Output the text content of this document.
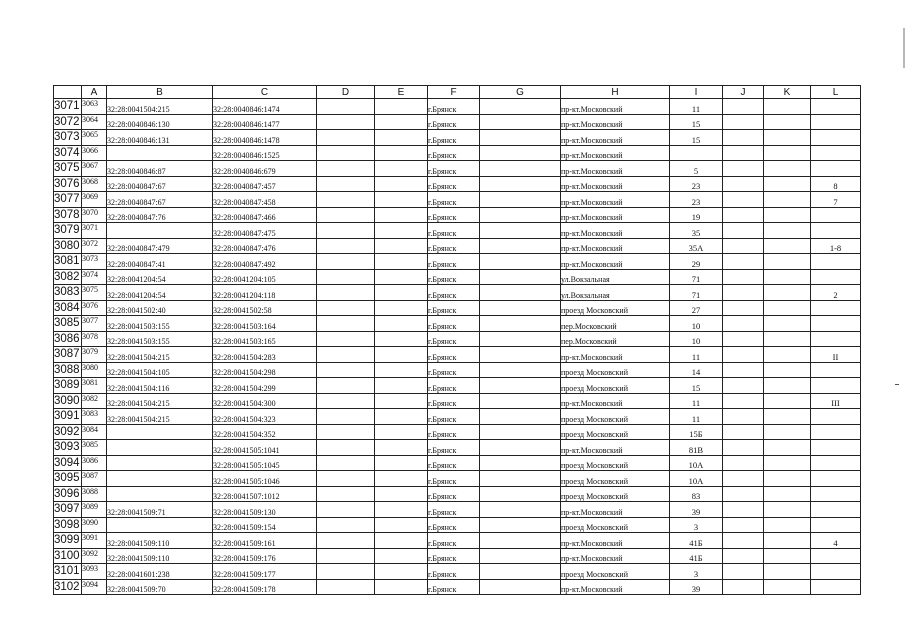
	A	B	C	D	E	F	G	H	I	J	K	L
3071	3063	32:28:0041504:215	32:28:0040846:1474			г.Брянск		пр-кт.Московский	11			
3072	3064	32:28:0040846:130	32:28:0040846:1477			г.Брянск		пр-кт.Московский	15			
3073	3065	32:28:0040846:131	32:28:0040846:1478			г.Брянск		пр-кт.Московский	15			
3074	3066		32:28:0040846:1525			г.Брянск		пр-кт.Московский				
3075	3067	32:28:0040846:87	32:28:0040846:679			г.Брянск		пр-кт.Московский	5			
3076	3068	32:28:0040847:67	32:28:0040847:457			г.Брянск		пр-кт.Московский	23			8
3077	3069	32:28:0040847:67	32:28:0040847:458			г.Брянск		пр-кт.Московский	23			7
3078	3070	32:28:0040847:76	32:28:0040847:466			г.Брянск		пр-кт.Московский	19			
3079	3071		32:28:0040847:475			г.Брянск		пр-кт.Московский	35			
3080	3072	32:28:0040847:479	32:28:0040847:476			г.Брянск		пр-кт.Московский	35А			1-8
3081	3073	32:28:0040847:41	32:28:0040847:492			г.Брянск		пр-кт.Московский	29			
3082	3074	32:28:0041204:54	32:28:0041204:105			г.Брянск		ул.Вокзальная	71			
3083	3075	32:28:0041204:54	32:28:0041204:118			г.Брянск		ул.Вокзальная	71			2
3084	3076	32:28:0041502:40	32:28:0041502:58			г.Брянск		проезд Московский	27			
3085	3077	32:28:0041503:155	32:28:0041503:164			г.Брянск		пер.Московский	10			
3086	3078	32:28:0041503:155	32:28:0041503:165			г.Брянск		пер.Московский	10			
3087	3079	32:28:0041504:215	32:28:0041504:283			г.Брянск		пр-кт.Московский	11			II
3088	3080	32:28:0041504:105	32:28:0041504:298			г.Брянск		проезд Московский	14			
3089	3081	32:28:0041504:116	32:28:0041504:299			г.Брянск		проезд Московский	15			
3090	3082	32:28:0041504:215	32:28:0041504:300			г.Брянск		пр-кт.Московский	11			III
3091	3083	32:28:0041504:215	32:28:0041504:323			г.Брянск		проезд Московский	11			
3092	3084		32:28:0041504:352			г.Брянск		проезд Московский	15Б			
3093	3085		32:28:0041505:1041			г.Брянск		пр-кт.Московский	81В			
3094	3086		32:28:0041505:1045			г.Брянск		проезд Московский	10А			
3095	3087		32:28:0041505:1046			г.Брянск		проезд Московский	10А			
3096	3088		32:28:0041507:1012			г.Брянск		проезд Московский	83			
3097	3089	32:28:0041509:71	32:28:0041509:130			г.Брянск		пр-кт.Московский	39			
3098	3090		32:28:0041509:154			г.Брянск		проезд Московский	3			
3099	3091	32:28:0041509:110	32:28:0041509:161			г.Брянск		пр-кт.Московский	41Б			4
3100	3092	32:28:0041509:110	32:28:0041509:176			г.Брянск		пр-кт.Московский	41Б			
3101	3093	32:28:0041601:238	32:28:0041509:177			г.Брянск		проезд Московский	3			
3102	3094	32:28:0041509:70	32:28:0041509:178			г.Брянск		пр-кт.Московский	39			
